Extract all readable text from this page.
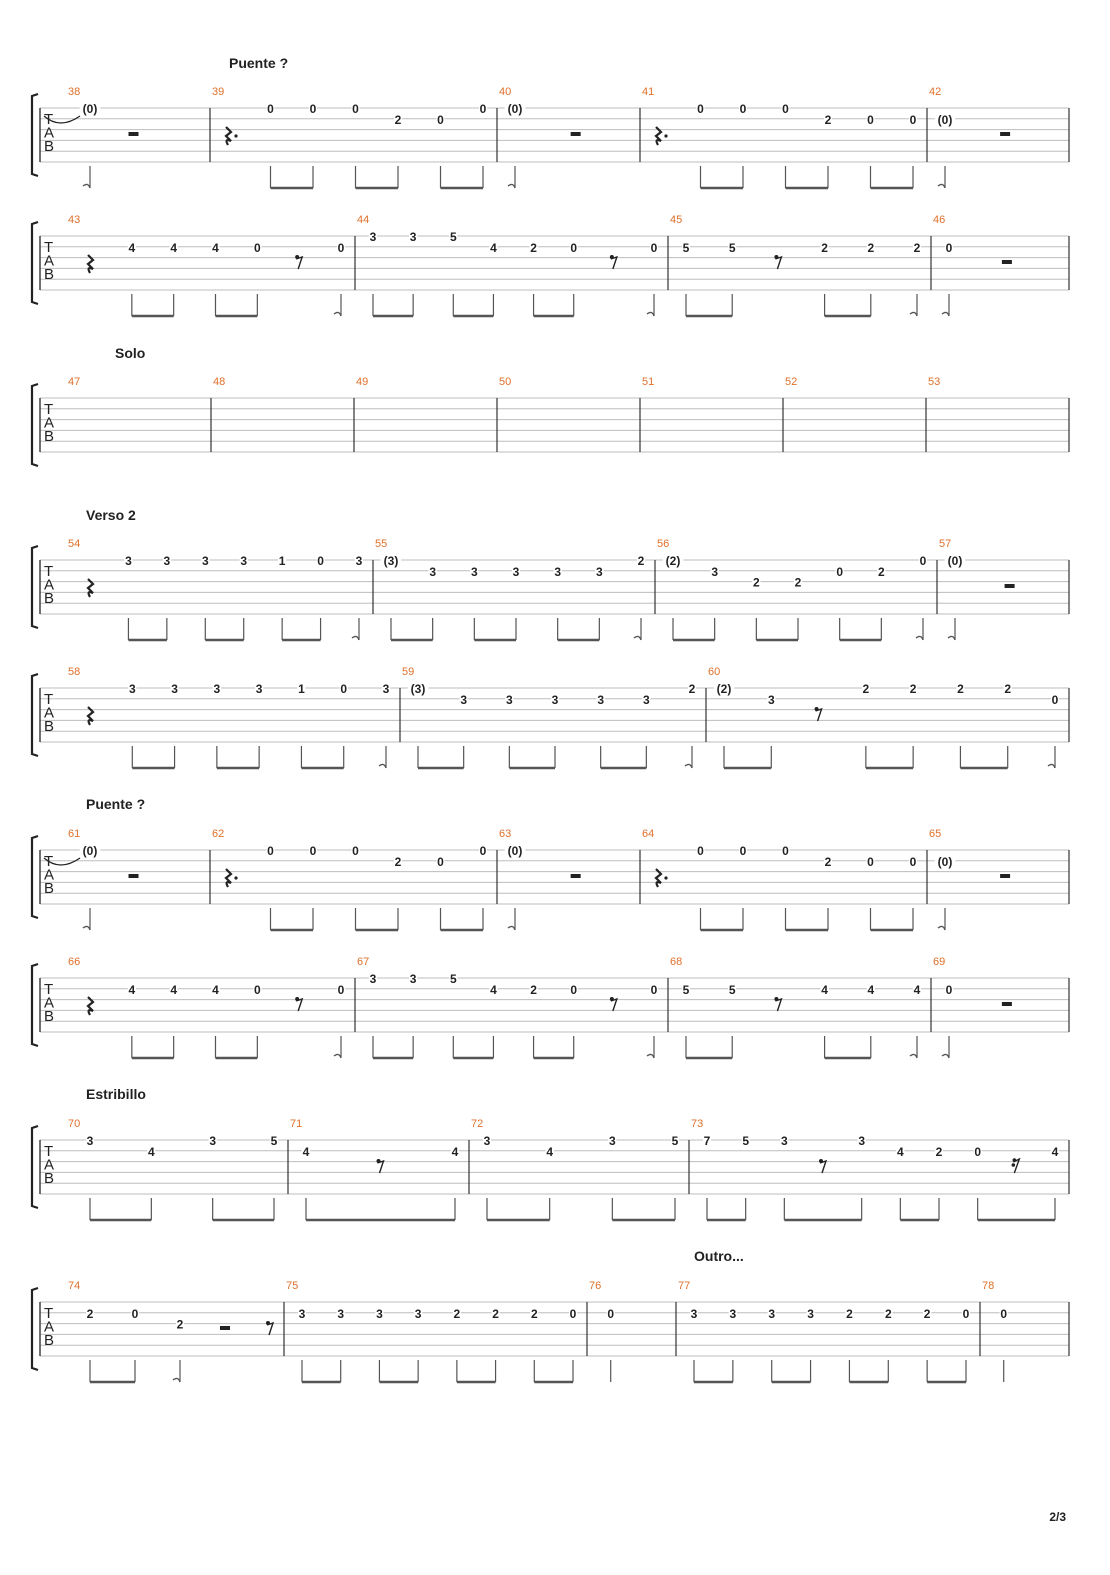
T
A
B
38
(0)
39
0	0	0
2	0
0
40
(0)
41
0	0	0
2	0	0
42
(0)
T
A
B
43
4	4	4	0	0
44
3	3	5
4	2	0	0
45
5	5	2	2	2
46
0
T
A
B
47	48	49	50	51	52	53
T
A
B
54
3	3	3	3	1	0	3
55
(3)
3	3	3	3	3
2
56
(2)
3
2	2
0	2
0
57
(0)
T
A
B
58
3	3	3	3	1	0	3
59
(3)
3	3	3	3	3
2
60
(2)
3
2	2	2	2
0
T
A
B
61
(0)
62
0	0	0
2	0
0
63
(0)
64
0	0	0
2	0	0
65
(0)
T
A
B
66
4	4	4	0	0
67
3	3	5
4	2	0	0
68
5	5	4	4	4
69
0
T
A
B
70
3
4
3	5
71
4	4
72
3
4
3	5
73
7	5	3	3
4	2	0	4
T
A
B
74
2	0
2
75
3	3	3	3	2	2	2	0
76
0
77
3	3	3	3	2	2	2	0
78
0
Puente ?
Solo
Verso 2
Puente ?
Estribillo
Outro...
2/3
